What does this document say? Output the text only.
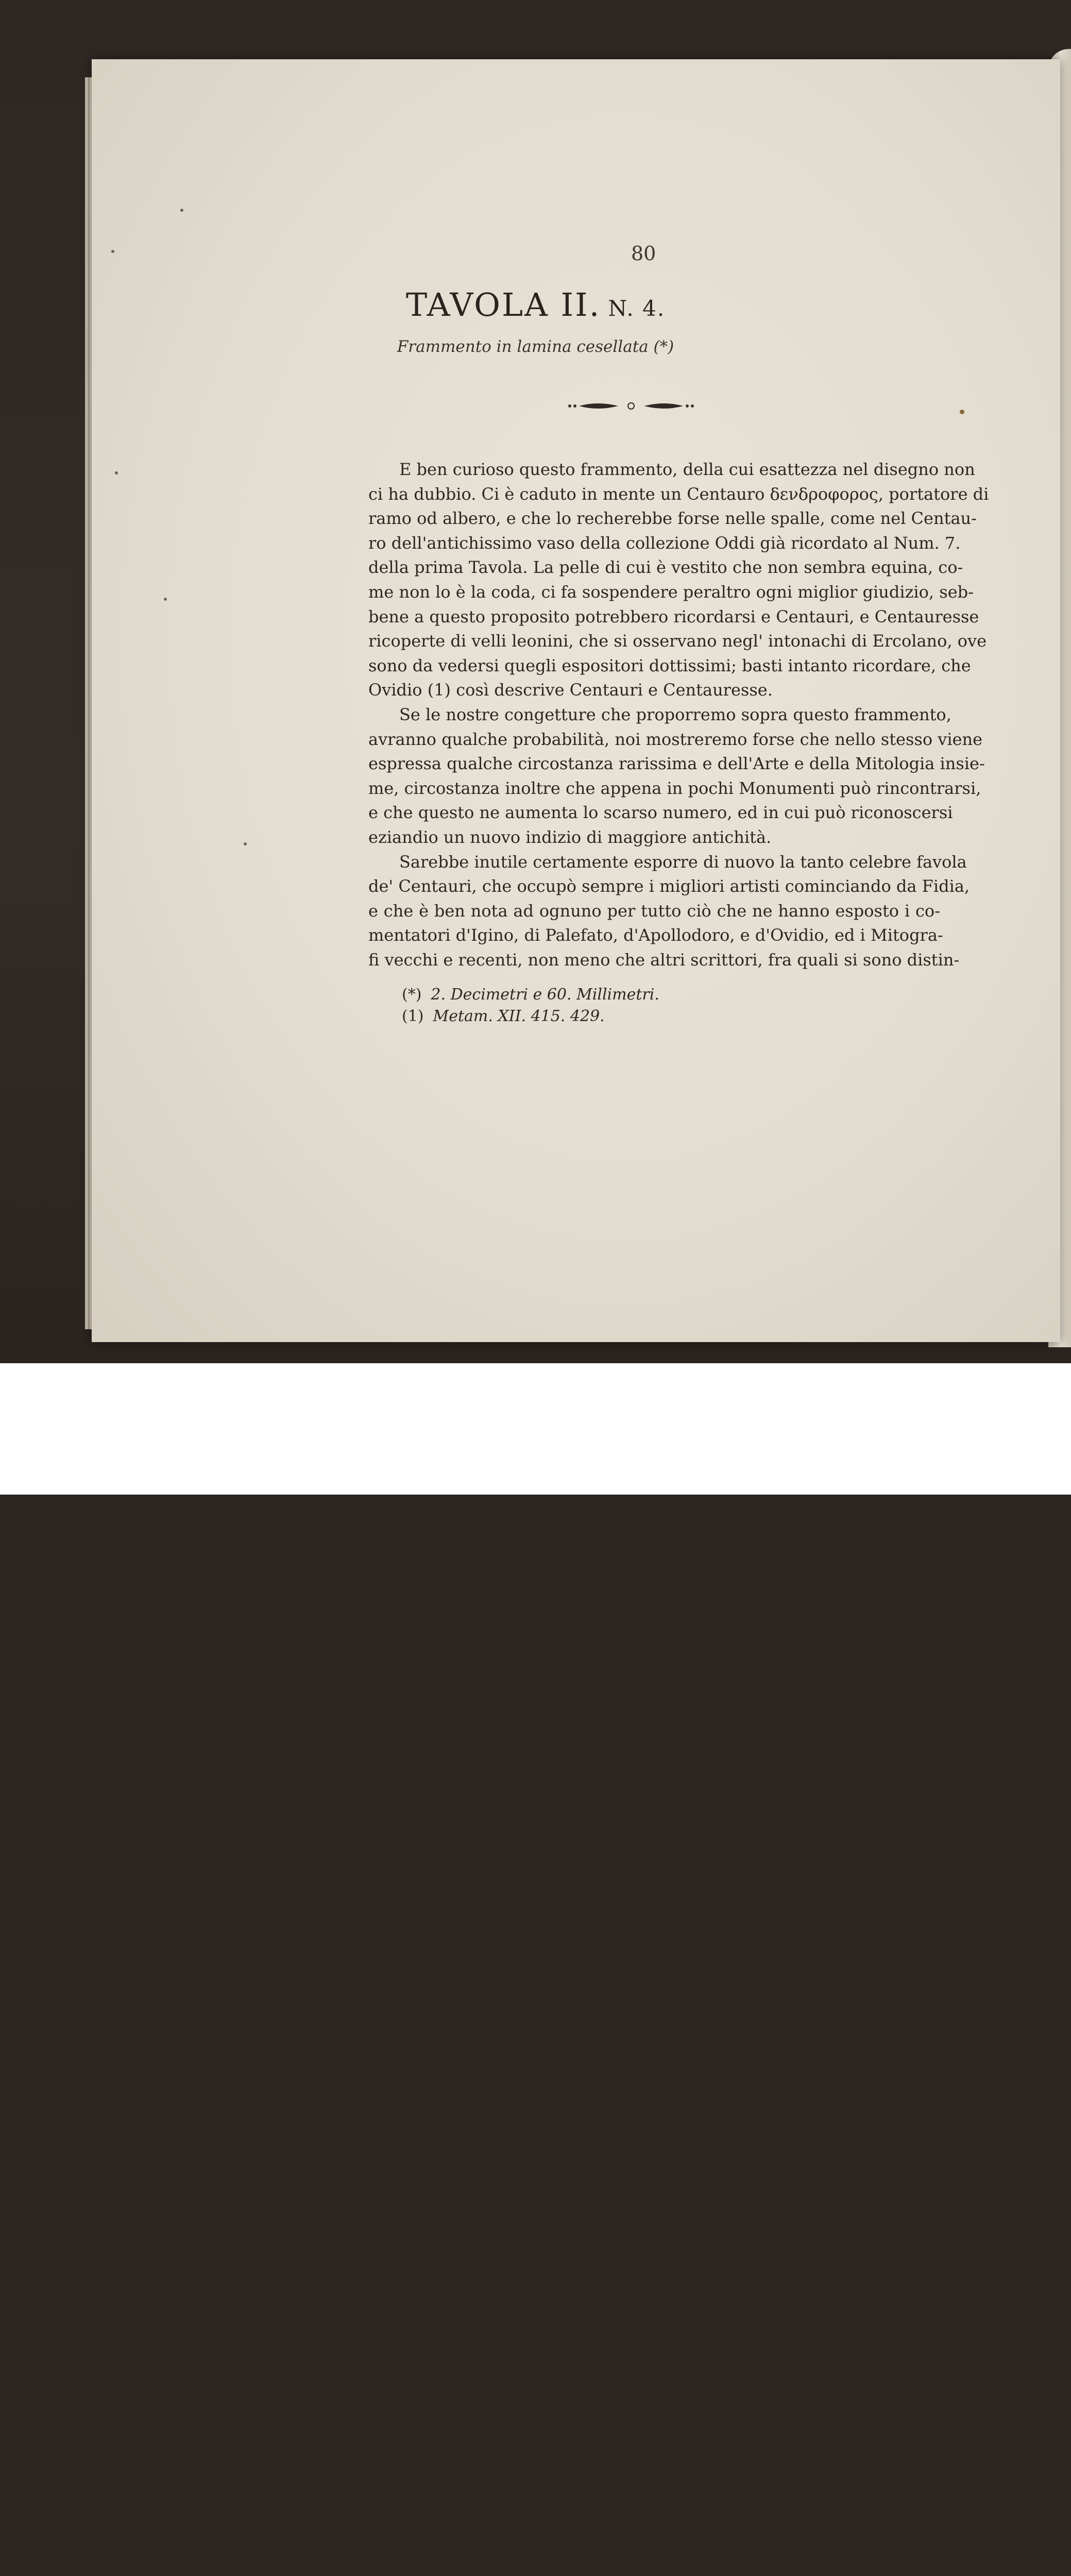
80
TAVOLA II. N. 4.
Frammento in lamina cesellata (*)
E ben curioso questo frammento, della cui esattezza nel disegno non
ci ha dubbio. Ci è caduto in mente un Centauro δενδροφορος, portatore di
ramo od albero, e che lo recherebbe forse nelle spalle, come nel Centau-
ro dell'antichissimo vaso della collezione Oddi già ricordato al Num. 7.
della prima Tavola. La pelle di cui è vestito che non sembra equina, co-
me non lo è la coda, ci fa sospendere peraltro ogni miglior giudizio, seb-
bene a questo proposito potrebbero ricordarsi e Centauri, e Centauresse
ricoperte di velli leonini, che si osservano negl' intonachi di Ercolano, ove
sono da vedersi quegli espositori dottissimi; basti intanto ricordare, che
Ovidio (1) così descrive Centauri e Centauresse.
Se le nostre congetture che proporremo sopra questo frammento,
avranno qualche probabilità, noi mostreremo forse che nello stesso viene
espressa qualche circostanza rarissima e dell'Arte e della Mitologia insie-
me, circostanza inoltre che appena in pochi Monumenti può rincontrarsi,
e che questo ne aumenta lo scarso numero, ed in cui può riconoscersi
eziandio un nuovo indizio di maggiore antichità.
Sarebbe inutile certamente esporre di nuovo la tanto celebre favola
de' Centauri, che occupò sempre i migliori artisti cominciando da Fidia,
e che è ben nota ad ognuno per tutto ciò che ne hanno esposto i co-
mentatori d'Igino, di Palefato, d'Apollodoro, e d'Ovidio, ed i Mitogra-
fi vecchi e recenti, non meno che altri scrittori, fra quali si sono distin-
(*) 2. Decimetri e 60. Millimetri.
(1) Metam. XII. 415. 429.
